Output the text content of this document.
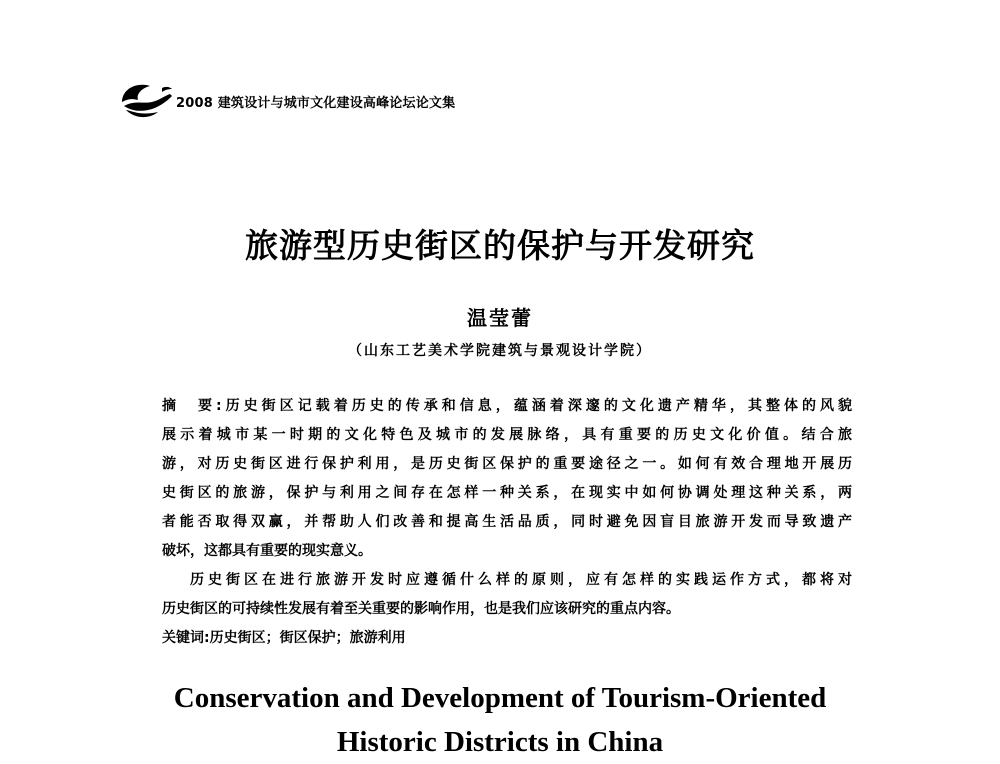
2008 建筑设计与城市文化建设高峰论坛论文集
旅游型历史街区的保护与开发研究
温莹蕾
（山东工艺美术学院建筑与景观设计学院）

摘　要:历史街区记载着历史的传承和信息，蕴涵着深邃的文化遗产精华，其整体的风貌

展示着城市某一时期的文化特色及城市的发展脉络，具有重要的历史文化价值。结合旅

游，对历史街区进行保护利用，是历史街区保护的重要途径之一。如何有效合理地开展历

史街区的旅游，保护与利用之间存在怎样一种关系，在现实中如何协调处理这种关系，两

者能否取得双赢，并帮助人们改善和提高生活品质，同时避免因盲目旅游开发而导致遗产

破坏，这都具有重要的现实意义。

历史街区在进行旅游开发时应遵循什么样的原则，应有怎样的实践运作方式，都将对

历史街区的可持续性发展有着至关重要的影响作用，也是我们应该研究的重点内容。

关键词:历史街区；街区保护；旅游利用

Conservation and Development of Tourism-Oriented
Historic Districts in China
